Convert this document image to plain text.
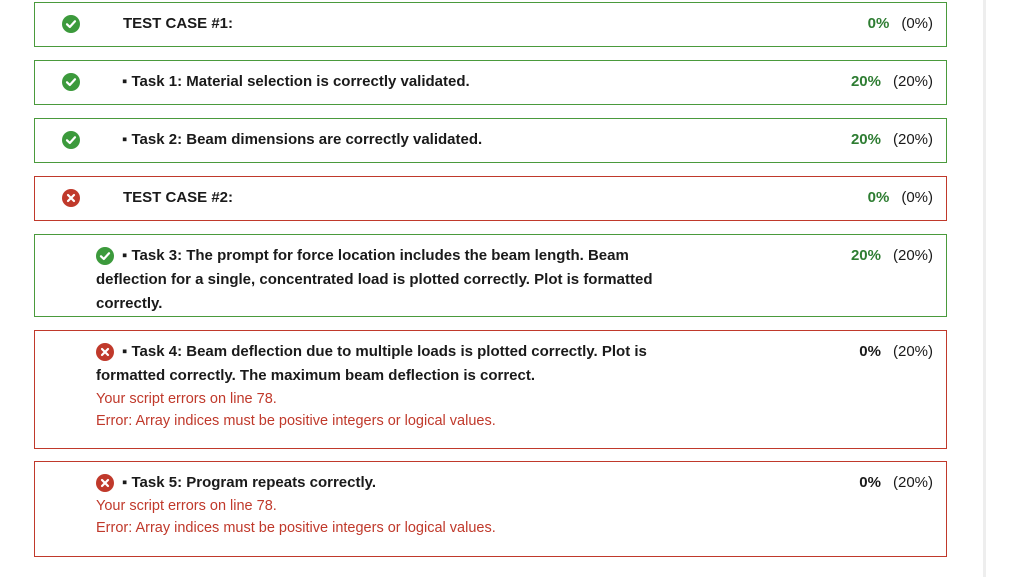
TEST CASE #1:	0% (0%)
▪ Task 1: Material selection is correctly validated.	20% (20%)
▪ Task 2: Beam dimensions are correctly validated.	20% (20%)
TEST CASE #2:	0% (0%)
▪ Task 3: The prompt for force location includes the beam length. Beam
deflection for a single, concentrated load is plotted correctly. Plot is formatted
correctly.
20% (20%)
▪ Task 4: Beam deflection due to multiple loads is plotted correctly. Plot is
formatted correctly. The maximum beam deflection is correct.
Your script errors on line 78.
Error: Array indices must be positive integers or logical values.
0% (20%)
▪ Task 5: Program repeats correctly.
Your script errors on line 78.
Error: Array indices must be positive integers or logical values.
0% (20%)
